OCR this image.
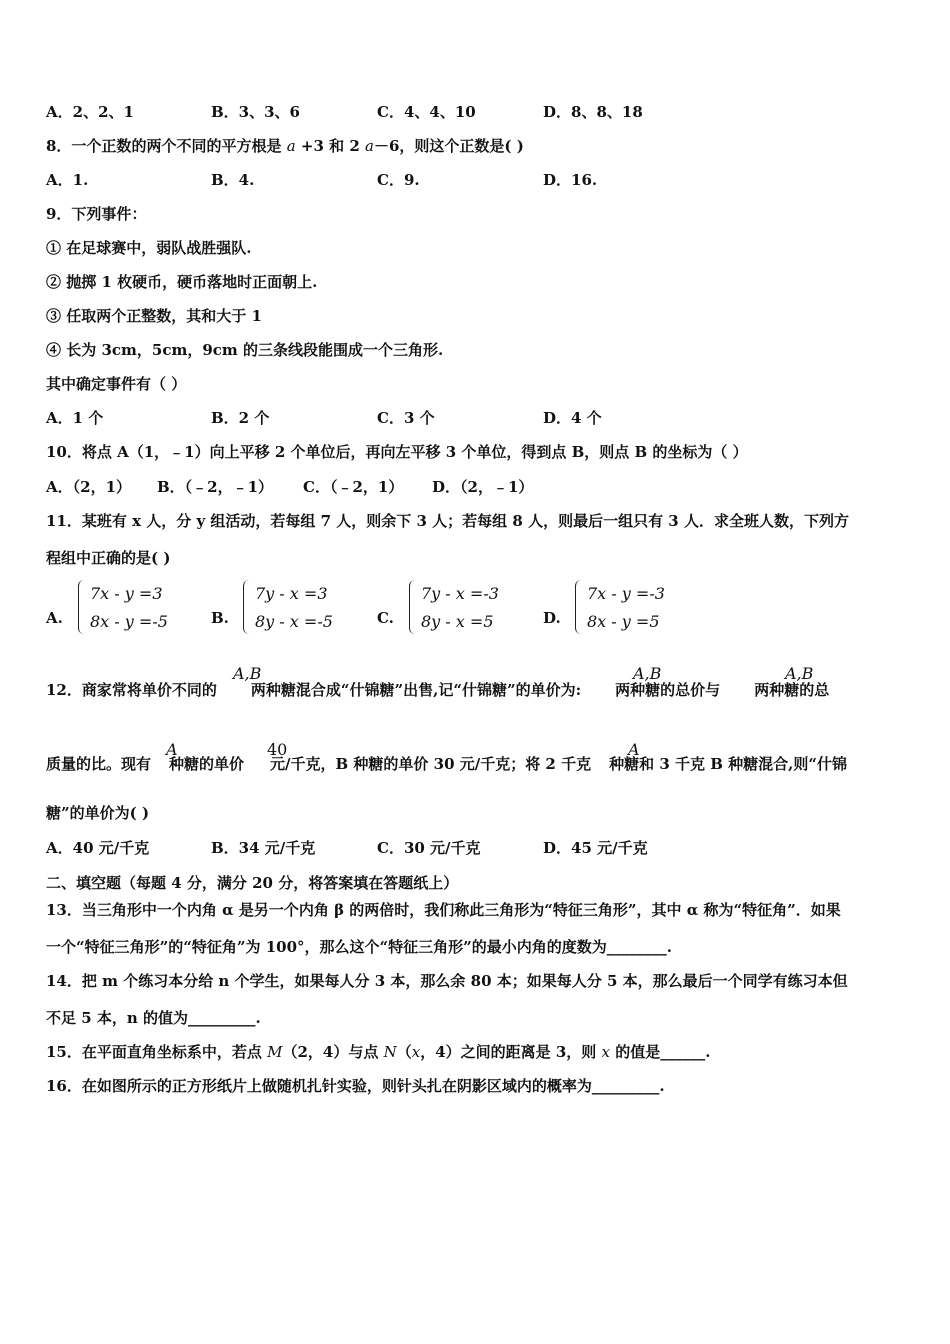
A．2、2、1	B．3、3、6	C．4、4、10	D．8、8、18
8．一个正数的两个不同的平方根是 a +3 和 2 a－6，则这个正数是( )
A．1.	B．4.	C．9.	D．16.
9．下列事件：
① 在足球赛中，弱队战胜强队.
② 抛掷 1 枚硬币，硬币落地时正面朝上.
③ 任取两个正整数，其和大于 1
④ 长为 3cm，5cm，9cm 的三条线段能围成一个三角形.
其中确定事件有（ ）
A．1 个	B．2 个	C．3 个	D．4 个
10．将点 A（1，﹣1）向上平移 2 个单位后，再向左平移 3 个单位，得到点 B，则点 B 的坐标为（ ）
A．（2，1） B．（﹣2，﹣1） C．（﹣2，1） D．（2，﹣1）
11．某班有 x 人，分 y 组活动，若每组 7 人，则余下 3 人；若每组 8 人，则最后一组只有 3 人．求全班人数，下列方
程组中正确的是( )
A.
7x - y =3
8x - y =-5	B.
7y - x =3
8y - x =-5	C.
7y - x =-3
8y - x =5	D.
7x - y =-3
8x - y =5
12．商家常将单价不同的 两种糖混合成“什锦糖”出售,记“什锦糖”的单价为: 两种糖的总价与 两种糖的总
A,B	A,B	A,B
质量的比。现有 种糖的单价 元/千克，B 种糖的单价 30 元/千克；将 2 千克 种糖和 3 千克 B 种糖混合,则“什锦
A	40	A
糖”的单价为( )
A．40 元/千克	B．34 元/千克	C．30 元/千克	D．45 元/千克
二、填空题（每题 4 分，满分 20 分，将答案填在答题纸上）
13．当三角形中一个内角 α 是另一个内角 β 的两倍时，我们称此三角形为“特征三角形”，其中 α 称为“特征角”．如果
一个“特征三角形”的“特征角”为 100°，那么这个“特征三角形”的最小内角的度数为________.
14．把 m 个练习本分给 n 个学生，如果每人分 3 本，那么余 80 本；如果每人分 5 本，那么最后一个同学有练习本但
不足 5 本，n 的值为_________.
15．在平面直角坐标系中，若点 M（2，4）与点 N（x，4）之间的距离是 3，则 x 的值是______.
16．在如图所示的正方形纸片上做随机扎针实验，则针头扎在阴影区域内的概率为_________.
